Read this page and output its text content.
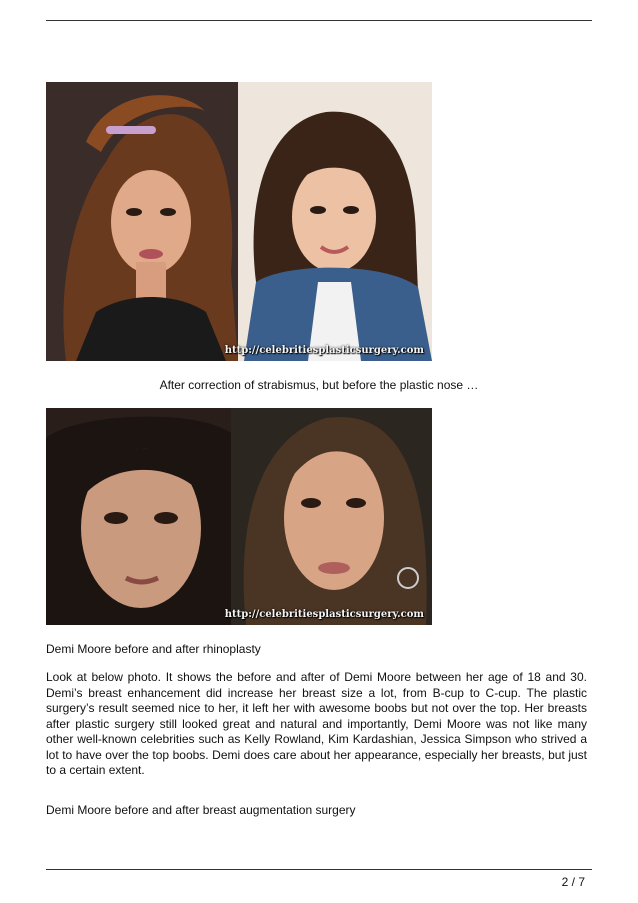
http://celebritiesplasticsurgery.com
After correction of strabismus, but before the plastic nose …
http://celebritiesplasticsurgery.com
Demi Moore before and after rhinoplasty
Look at below photo. It shows the before and after of Demi Moore between her age of 18 and 30. Demi’s breast enhancement did increase her breast size a lot, from B-cup to C-cup. The plastic surgery’s result seemed nice to her, it left her with awesome boobs but not over the top. Her breasts after plastic surgery still looked great and natural and importantly, Demi Moore was not like many other well-known celebrities such as Kelly Rowland, Kim Kardashian, Jessica Simpson who strived a lot to have over the top boobs. Demi does care about her appearance, especially her breasts, but just to a certain extent.
Demi Moore before and after breast augmentation surgery
2 / 7
